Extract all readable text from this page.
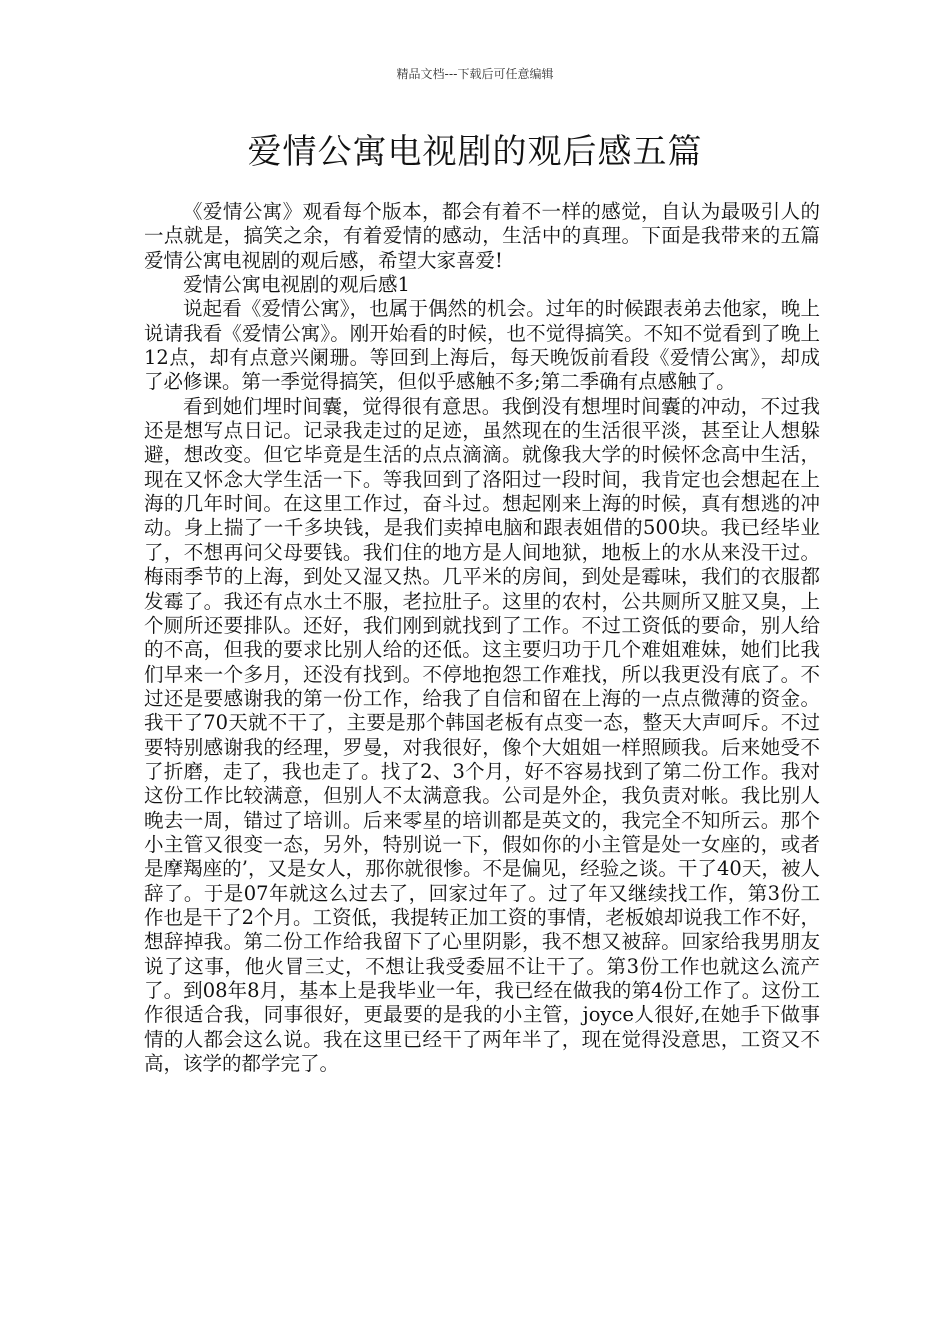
精品文档---下载后可任意编辑
爱情公寓电视剧的观后感五篇

《爱情公寓》观看每个版本，都会有着不一样的感觉，自认为最吸引人的一点就是，搞笑之余，有着爱情的感动，生活中的真理。下面是我带来的五篇爱情公寓电视剧的观后感，希望大家喜爱!

爱情公寓电视剧的观后感1

说起看《爱情公寓》，也属于偶然的机会。过年的时候跟表弟去他家，晚上说请我看《爱情公寓》。刚开始看的时候，也不觉得搞笑。不知不觉看到了晚上12点，却有点意兴阑珊。等回到上海后，每天晚饭前看段《爱情公寓》，却成了必修课。第一季觉得搞笑，但似乎感触不多;第二季确有点感触了。

看到她们埋时间囊，觉得很有意思。我倒没有想埋时间囊的冲动，不过我还是想写点日记。记录我走过的足迹，虽然现在的生活很平淡，甚至让人想躲避，想改变。但它毕竟是生活的点点滴滴。就像我大学的时候怀念高中生活，现在又怀念大学生活一下。等我回到了洛阳过一段时间，我肯定也会想起在上海的几年时间。在这里工作过，奋斗过。想起刚来上海的时候，真有想逃的冲动。身上揣了一千多块钱，是我们卖掉电脑和跟表姐借的500块。我已经毕业了，不想再问父母要钱。我们住的地方是人间地狱，地板上的水从来没干过。梅雨季节的上海，到处又湿又热。几平米的房间，到处是霉味，我们的衣服都发霉了。我还有点水土不服，老拉肚子。这里的农村，公共厕所又脏又臭，上个厕所还要排队。还好，我们刚到就找到了工作。不过工资低的要命，别人给的不高，但我的要求比别人给的还低。这主要归功于几个难姐难妹，她们比我们早来一个多月，还没有找到。不停地抱怨工作难找，所以我更没有底了。不过还是要感谢我的第一份工作，给我了自信和留在上海的一点点微薄的资金。我干了70天就不干了，主要是那个韩国老板有点变一态，整天大声呵斥。不过要特别感谢我的经理，罗曼，对我很好，像个大姐姐一样照顾我。后来她受不了折磨，走了，我也走了。找了2、3个月，好不容易找到了第二份工作。我对这份工作比较满意，但别人不太满意我。公司是外企，我负责对帐。我比别人晚去一周，错过了培训。后来零星的培训都是英文的，我完全不知所云。那个小主管又很变一态，另外，特别说一下，假如你的小主管是处一女座的，或者是摩羯座的’，又是女人，那你就很惨。不是偏见，经验之谈。干了40天，被人辞了。于是07年就这么过去了，回家过年了。过了年又继续找工作，第3份工作也是干了2个月。工资低，我提转正加工资的事情，老板娘却说我工作不好，想辞掉我。第二份工作给我留下了心里阴影，我不想又被辞。回家给我男朋友说了这事，他火冒三丈，不想让我受委屈不让干了。第3份工作也就这么流产了。到08年8月，基本上是我毕业一年，我已经在做我的第4份工作了。这份工作很适合我，同事很好，更最要的是我的小主管，joyce人很好,在她手下做事情的人都会这么说。我在这里已经干了两年半了，现在觉得没意思，工资又不高，该学的都学完了。
